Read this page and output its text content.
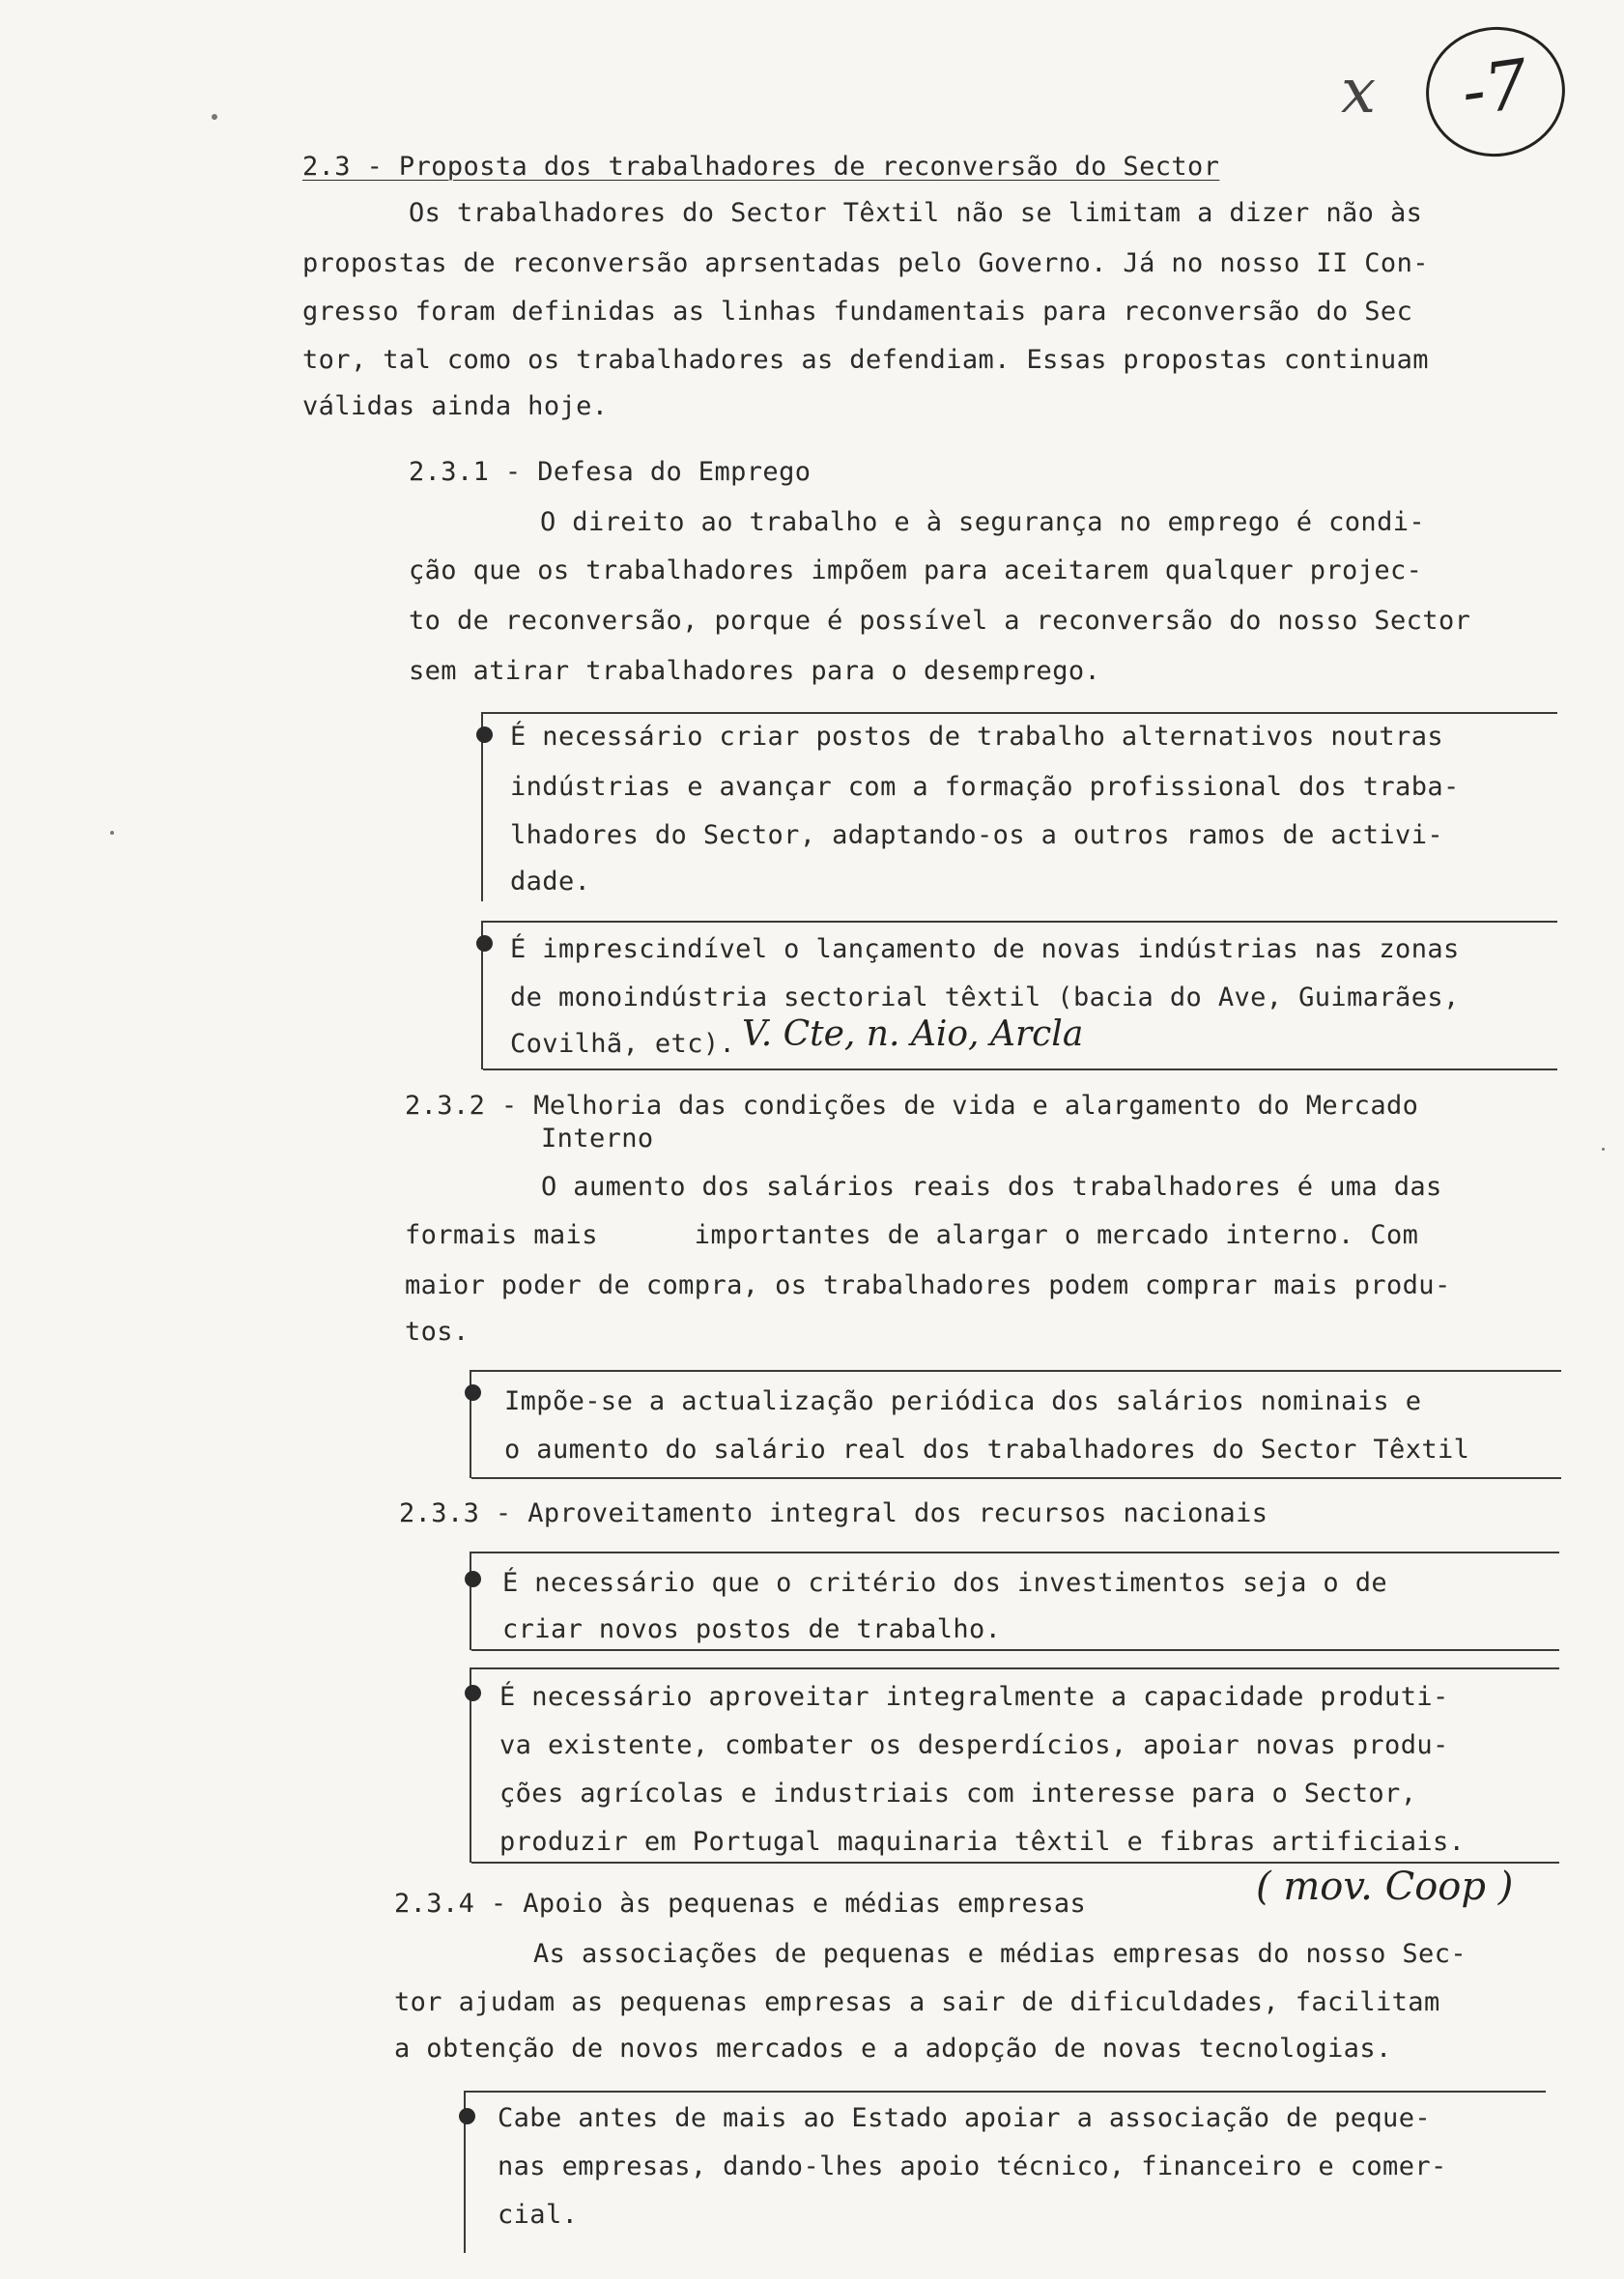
x	-7
2.3 - Proposta dos trabalhadores de reconversão do Sector
Os trabalhadores do Sector Têxtil não se limitam a dizer não às
propostas de reconversão aprsentadas pelo Governo. Já no nosso II Con-
gresso foram definidas as linhas fundamentais para reconversão do Sec
tor, tal como os trabalhadores as defendiam. Essas propostas continuam
válidas ainda hoje.
2.3.1 - Defesa do Emprego
O direito ao trabalho e à segurança no emprego é condi-
ção que os trabalhadores impõem para aceitarem qualquer projec-
to de reconversão, porque é possível a reconversão do nosso Sector
sem atirar trabalhadores para o desemprego.
É necessário criar postos de trabalho alternativos noutras
indústrias e avançar com a formação profissional dos traba-
lhadores do Sector, adaptando-os a outros ramos de activi-
dade.
É imprescindível o lançamento de novas indústrias nas zonas
de monoindústria sectorial têxtil (bacia do Ave, Guimarães,
Covilhã, etc). V. Cte, n. Aio, Arcla
2.3.2 - Melhoria das condições de vida e alargamento do Mercado
Interno
O aumento dos salários reais dos trabalhadores é uma das
formais mais      importantes de alargar o mercado interno. Com
maior poder de compra, os trabalhadores podem comprar mais produ-
tos.
Impõe-se a actualização periódica dos salários nominais e
o aumento do salário real dos trabalhadores do Sector Têxtil
2.3.3 - Aproveitamento integral dos recursos nacionais
É necessário que o critério dos investimentos seja o de
criar novos postos de trabalho.
É necessário aproveitar integralmente a capacidade produti-
va existente, combater os desperdícios, apoiar novas produ-
ções agrícolas e industriais com interesse para o Sector,
produzir em Portugal maquinaria têxtil e fibras artificiais.
2.3.4 - Apoio às pequenas e médias empresas	( mov. Coop )
As associações de pequenas e médias empresas do nosso Sec-
tor ajudam as pequenas empresas a sair de dificuldades, facilitam
a obtenção de novos mercados e a adopção de novas tecnologias.
Cabe antes de mais ao Estado apoiar a associação de peque-
nas empresas, dando-lhes apoio técnico, financeiro e comer-
cial.
